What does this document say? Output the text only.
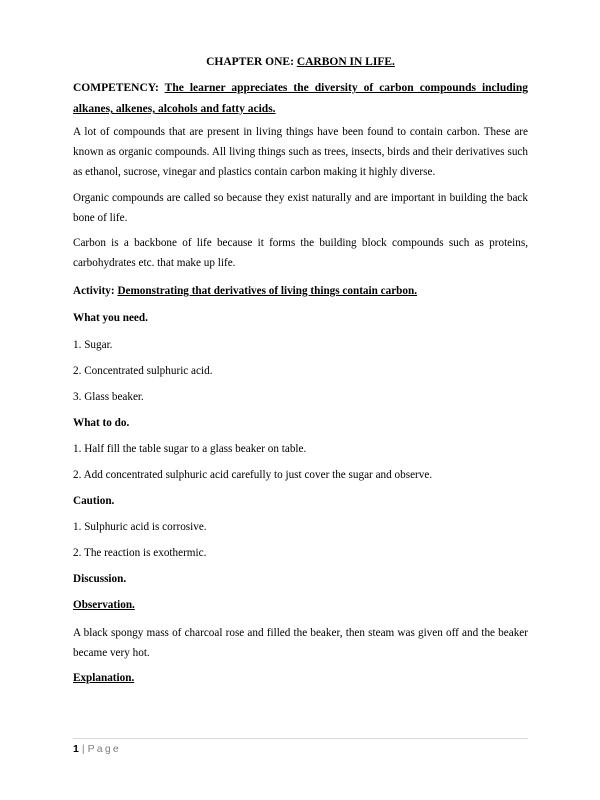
CHAPTER ONE: CARBON IN LIFE.
COMPETENCY: The learner appreciates the diversity of carbon compounds including alkanes, alkenes, alcohols and fatty acids.
A lot of compounds that are present in living things have been found to contain carbon. These are known as organic compounds. All living things such as trees, insects, birds and their derivatives such as ethanol, sucrose, vinegar and plastics contain carbon making it highly diverse.
Organic compounds are called so because they exist naturally and are important in building the back bone of life.
Carbon is a backbone of life because it forms the building block compounds such as proteins, carbohydrates etc. that make up life.
Activity: Demonstrating that derivatives of living things contain carbon.
What you need.
1. Sugar.
2. Concentrated sulphuric acid.
3. Glass beaker.
What to do.
1. Half fill the table sugar to a glass beaker on table.
2. Add concentrated sulphuric acid carefully to just cover the sugar and observe.
Caution.
1. Sulphuric acid is corrosive.
2. The reaction is exothermic.
Discussion.
Observation.
A black spongy mass of charcoal rose and filled the beaker, then steam was given off and the beaker became very hot.
Explanation.
1 | Page
